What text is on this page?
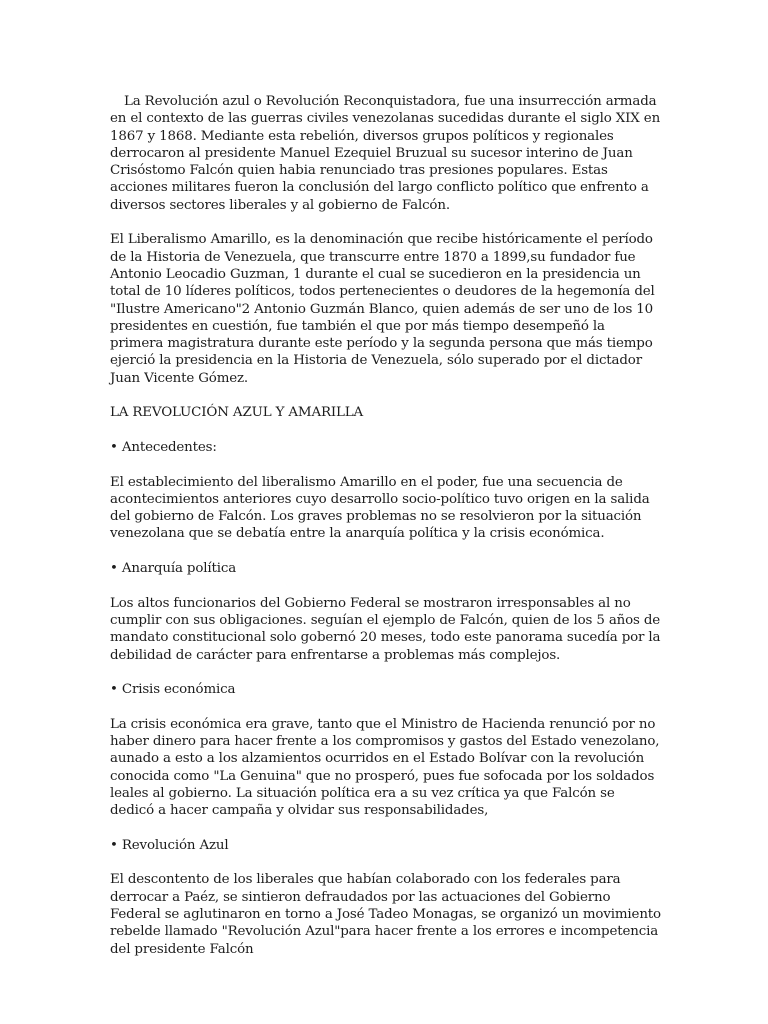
La Revolución azul o Revolución Reconquistadora, fue una insurrección armada en el contexto de las guerras civiles venezolanas sucedidas durante el siglo XIX en 1867 y 1868. Mediante esta rebelión, diversos grupos políticos y regionales derrocaron al presidente Manuel Ezequiel Bruzual su sucesor interino de Juan Crisóstomo Falcón quien habia renunciado tras presiones populares. Estas acciones militares fueron la conclusión del largo conflicto político que enfrento a diversos sectores liberales y al gobierno de Falcón.

El Liberalismo Amarillo, es la denominación que recibe históricamente el período de la Historia de Venezuela, que transcurre entre 1870 a 1899,su fundador fue Antonio Leocadio Guzman, 1 durante el cual se sucedieron en la presidencia un total de 10 líderes políticos, todos pertenecientes o deudores de la hegemonía del "Ilustre Americano"2 Antonio Guzmán Blanco, quien además de ser uno de los 10 presidentes en cuestión, fue también el que por más tiempo desempeñó la primera magistratura durante este período y la segunda persona que más tiempo ejerció la presidencia en la Historia de Venezuela, sólo superado por el dictador Juan Vicente Gómez.

LA REVOLUCIÓN AZUL Y AMARILLA

• Antecedentes:

El establecimiento del liberalismo Amarillo en el poder, fue una secuencia de acontecimientos anteriores cuyo desarrollo socio-político tuvo origen en la salida del gobierno de Falcón. Los graves problemas no se resolvieron por la situación venezolana que se debatía entre la anarquía política y la crisis económica.

• Anarquía política

Los altos funcionarios del Gobierno Federal se mostraron irresponsables al no cumplir con sus obligaciones. seguían el ejemplo de Falcón, quien de los 5 años de mandato constitucional solo gobernó 20 meses, todo este panorama sucedía por la debilidad de carácter para enfrentarse a problemas más complejos.

• Crisis económica

La crisis económica era grave, tanto que el Ministro de Hacienda renunció por no haber dinero para hacer frente a los compromisos y gastos del Estado venezolano, aunado a esto a los alzamientos ocurridos en el Estado Bolívar con la revolución conocida como "La Genuina" que no prosperó, pues fue sofocada por los soldados leales al gobierno. La situación política era a su vez crítica ya que Falcón se dedicó a hacer campaña y olvidar sus responsabilidades,

• Revolución Azul

El descontento de los liberales que habían colaborado con los federales para derrocar a Paéz, se sintieron defraudados por las actuaciones del Gobierno Federal se aglutinaron en torno a José Tadeo Monagas, se organizó un movimiento rebelde llamado "Revolución Azul"para hacer frente a los errores e incompetencia del presidente Falcón
